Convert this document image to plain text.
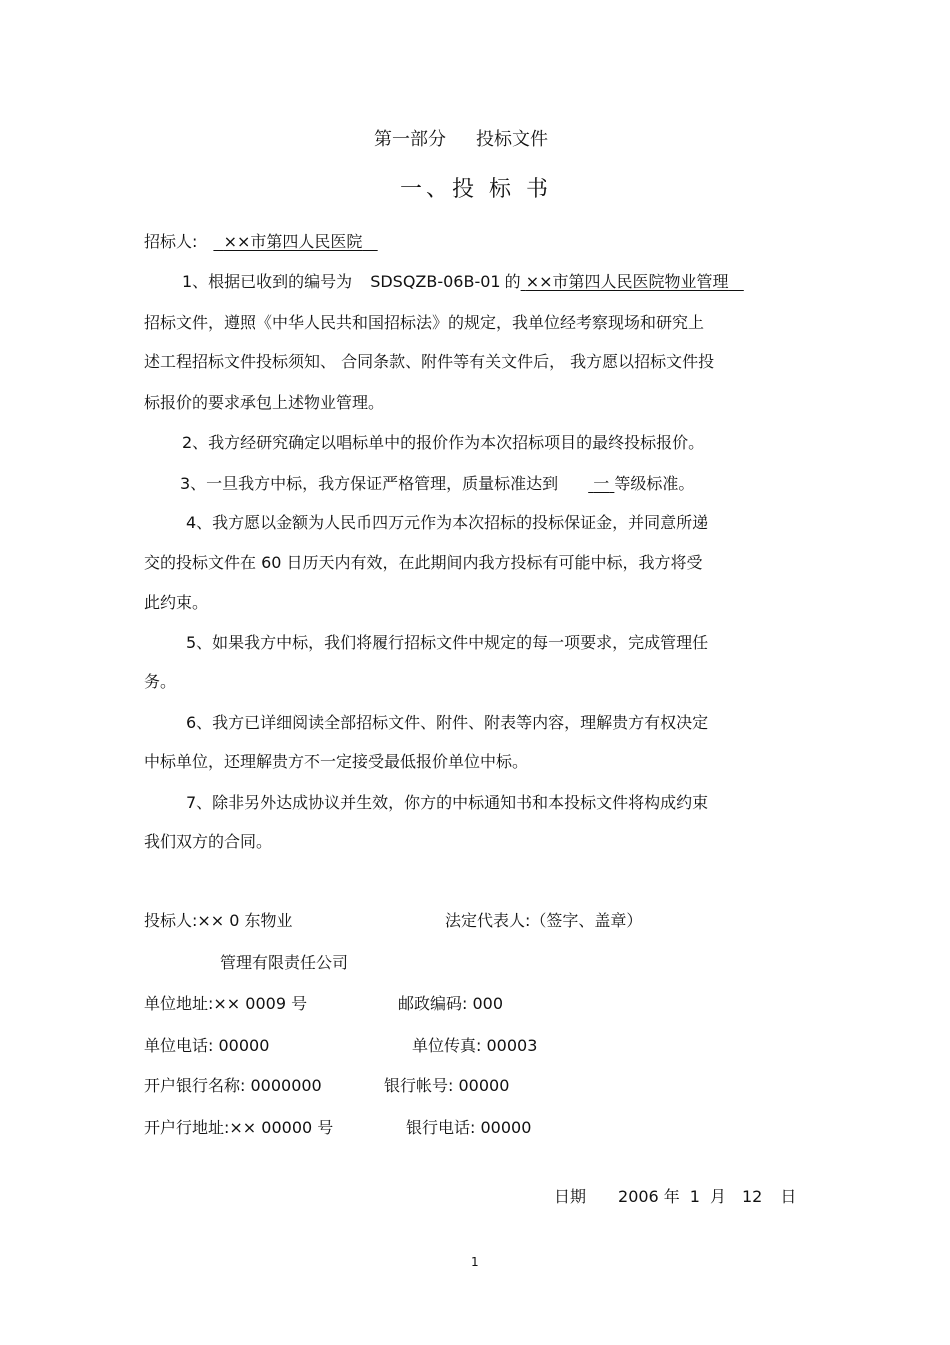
第一部分 投标文件
一、投 标 书
招标人: ××市第四人民医院
1、根据已收到的编号为 SDSQZB-06B-01 的 ××市第四人民医院物业管理
招标文件，遵照《中华人民共和国招标法》的规定，我单位经考察现场和研究上
述工程招标文件投标须知、 合同条款、附件等有关文件后， 我方愿以招标文件投
标报价的要求承包上述物业管理。
2、我方经研究确定以唱标单中的报价作为本次招标项目的最终投标报价。
3、一旦我方中标，我方保证严格管理，质量标准达到 一 等级标准。
4、我方愿以金额为人民币四万元作为本次招标的投标保证金，并同意所递
交的投标文件在 60 日历天内有效，在此期间内我方投标有可能中标，我方将受
此约束。
5、如果我方中标，我们将履行招标文件中规定的每一项要求，完成管理任
务。
6、我方已详细阅读全部招标文件、附件、附表等内容，理解贵方有权决定
中标单位，还理解贵方不一定接受最低报价单位中标。
7、除非另外达成协议并生效，你方的中标通知书和本投标文件将构成约束
我们双方的合同。
投标人:×× 0 东物业	法定代表人:（签字、盖章）
管理有限责任公司
单位地址:×× 0009 号	邮政编码: 000
单位电话: 00000	单位传真: 00003
开户银行名称: 0000000	银行帐号: 00000
开户行地址:×× 00000 号	银行电话: 00000
日期 2006 年 1 月 12 日
1
